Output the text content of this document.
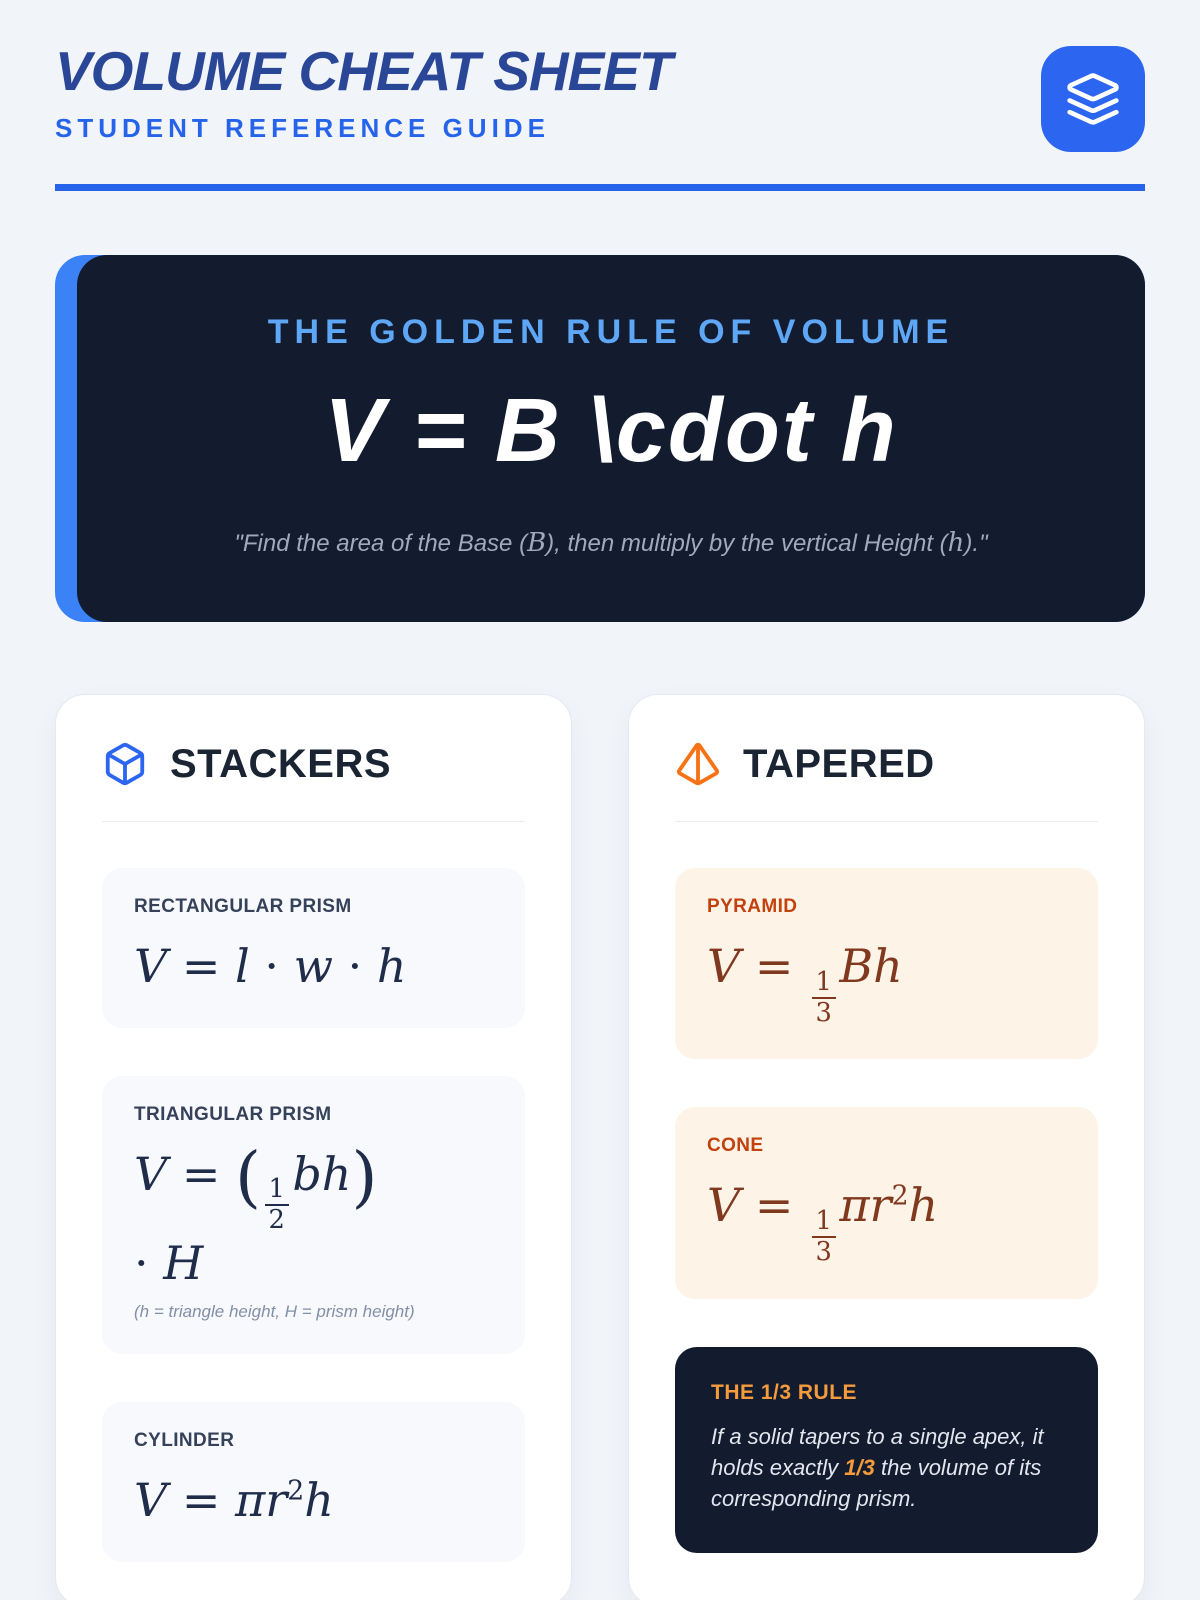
VOLUME CHEAT SHEET
STUDENT REFERENCE GUIDE
THE GOLDEN RULE OF VOLUME
V = B \cdot h
"Find the area of the Base (B), then multiply by the vertical Height (h)."
STACKERS
RECTANGULAR PRISM
V = l · w · h
TRIANGULAR PRISM
V = ( $\frac{1}{2}$
bh)
· H
(h = triangle height, H = prism height)
CYLINDER
$V = \pi r^2h$
TAPERED
PYRAMID
V =
$\frac{1}{3}$
Bh
CONE
V =
$\frac{1}{3}$
$\pi r^2h$
THE 1/3 RULE
If a solid tapers to a single apex, it holds exactly 1/3 the volume of its corresponding prism.
